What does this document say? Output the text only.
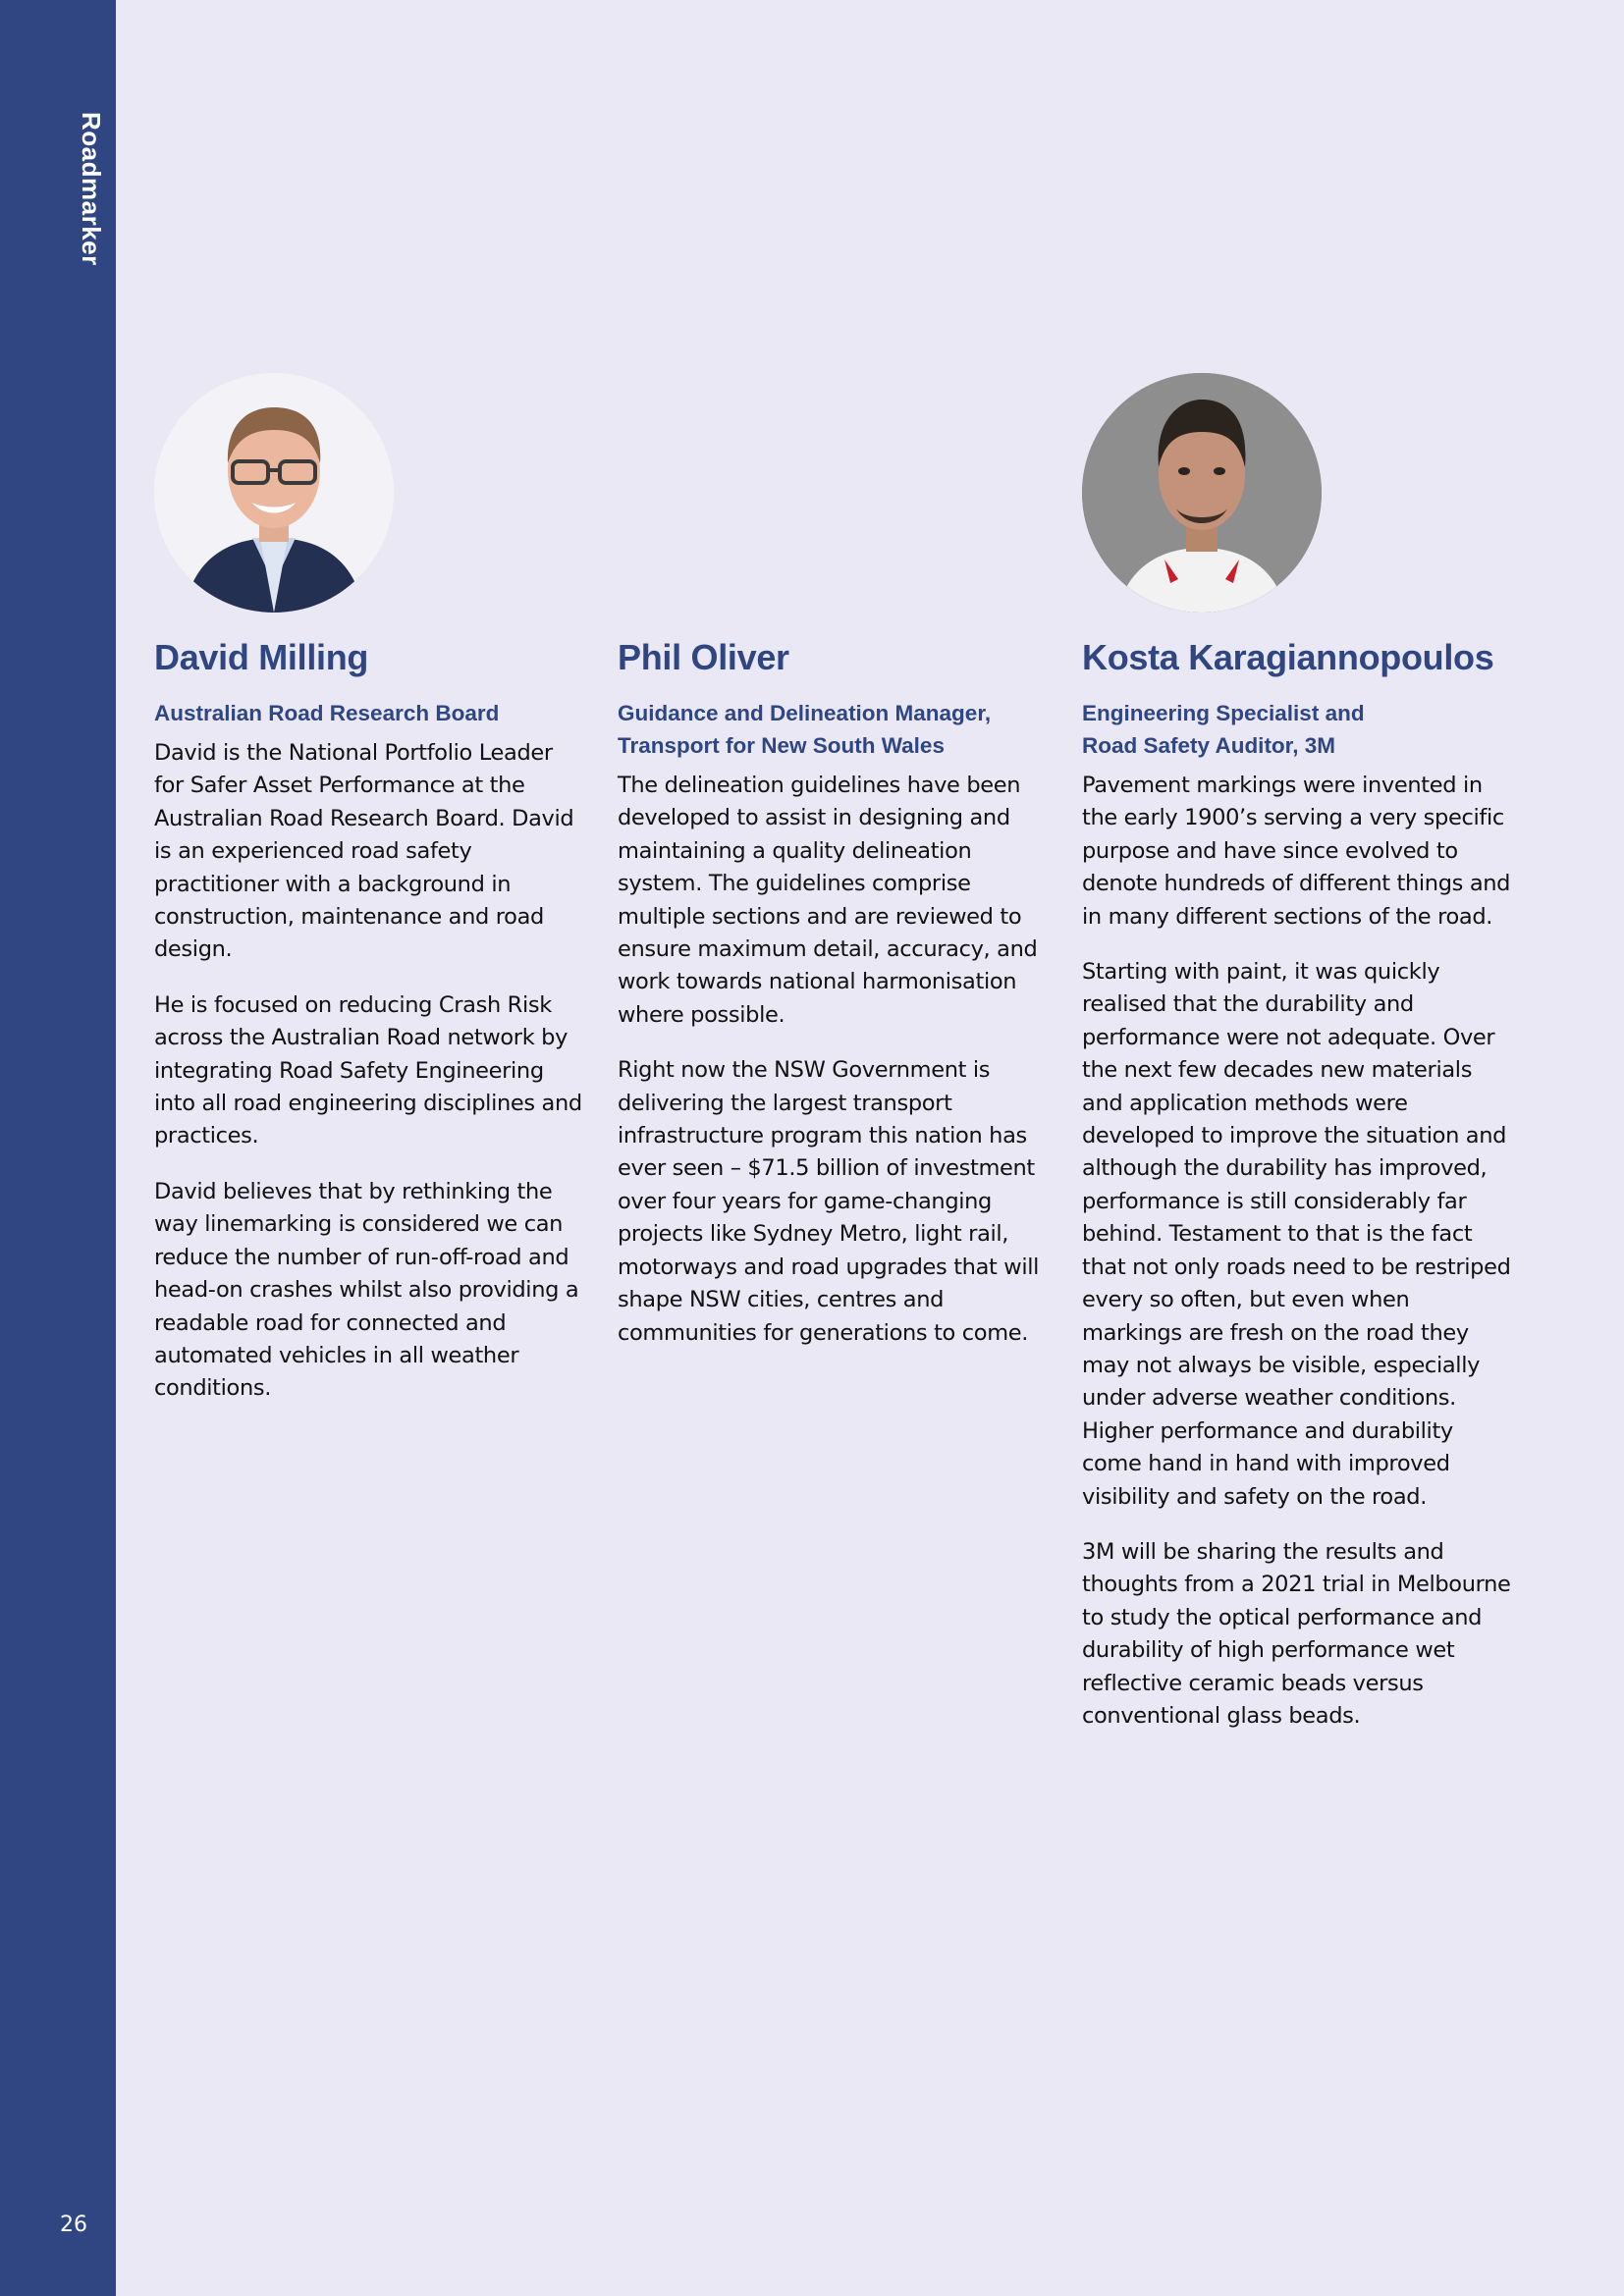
Roadmarker
26
David Milling
Australian Road Research Board

David is the National Portfolio Leader for Safer Asset Performance at the Australian Road Research Board. David is an experienced road safety practitioner with a background in construction, maintenance and road design.

He is focused on reducing Crash Risk across the Australian Road network by integrating Road Safety Engineering into all road engineering disciplines and practices.

David believes that by rethinking the way linemarking is considered we can reduce the number of run-off-road and head-on crashes whilst also providing a readable road for connected and automated vehicles in all weather conditions.

Phil Oliver
Guidance and Delineation Manager,
Transport for New South Wales

The delineation guidelines have been developed to assist in designing and maintaining a quality delineation system. The guidelines comprise multiple sections and are reviewed to ensure maximum detail, accuracy, and work towards national harmonisation where possible.

Right now the NSW Government is delivering the largest transport infrastructure program this nation has ever seen – $71.5 billion of investment over four years for game-changing projects like Sydney Metro, light rail, motorways and road upgrades that will shape NSW cities, centres and communities for generations to come.

Kosta Karagiannopoulos
Engineering Specialist and
Road Safety Auditor, 3M

Pavement markings were invented in the early 1900’s serving a very specific purpose and have since evolved to denote hundreds of different things and in many different sections of the road.

Starting with paint, it was quickly realised that the durability and performance were not adequate. Over the next few decades new materials and application methods were developed to improve the situation and although the durability has improved, performance is still considerably far behind. Testament to that is the fact that not only roads need to be restriped every so often, but even when markings are fresh on the road they may not always be visible, especially under adverse weather conditions. Higher performance and durability come hand in hand with improved visibility and safety on the road.

3M will be sharing the results and thoughts from a 2021 trial in Melbourne to study the optical performance and durability of high performance wet reflective ceramic beads versus conventional glass beads.
